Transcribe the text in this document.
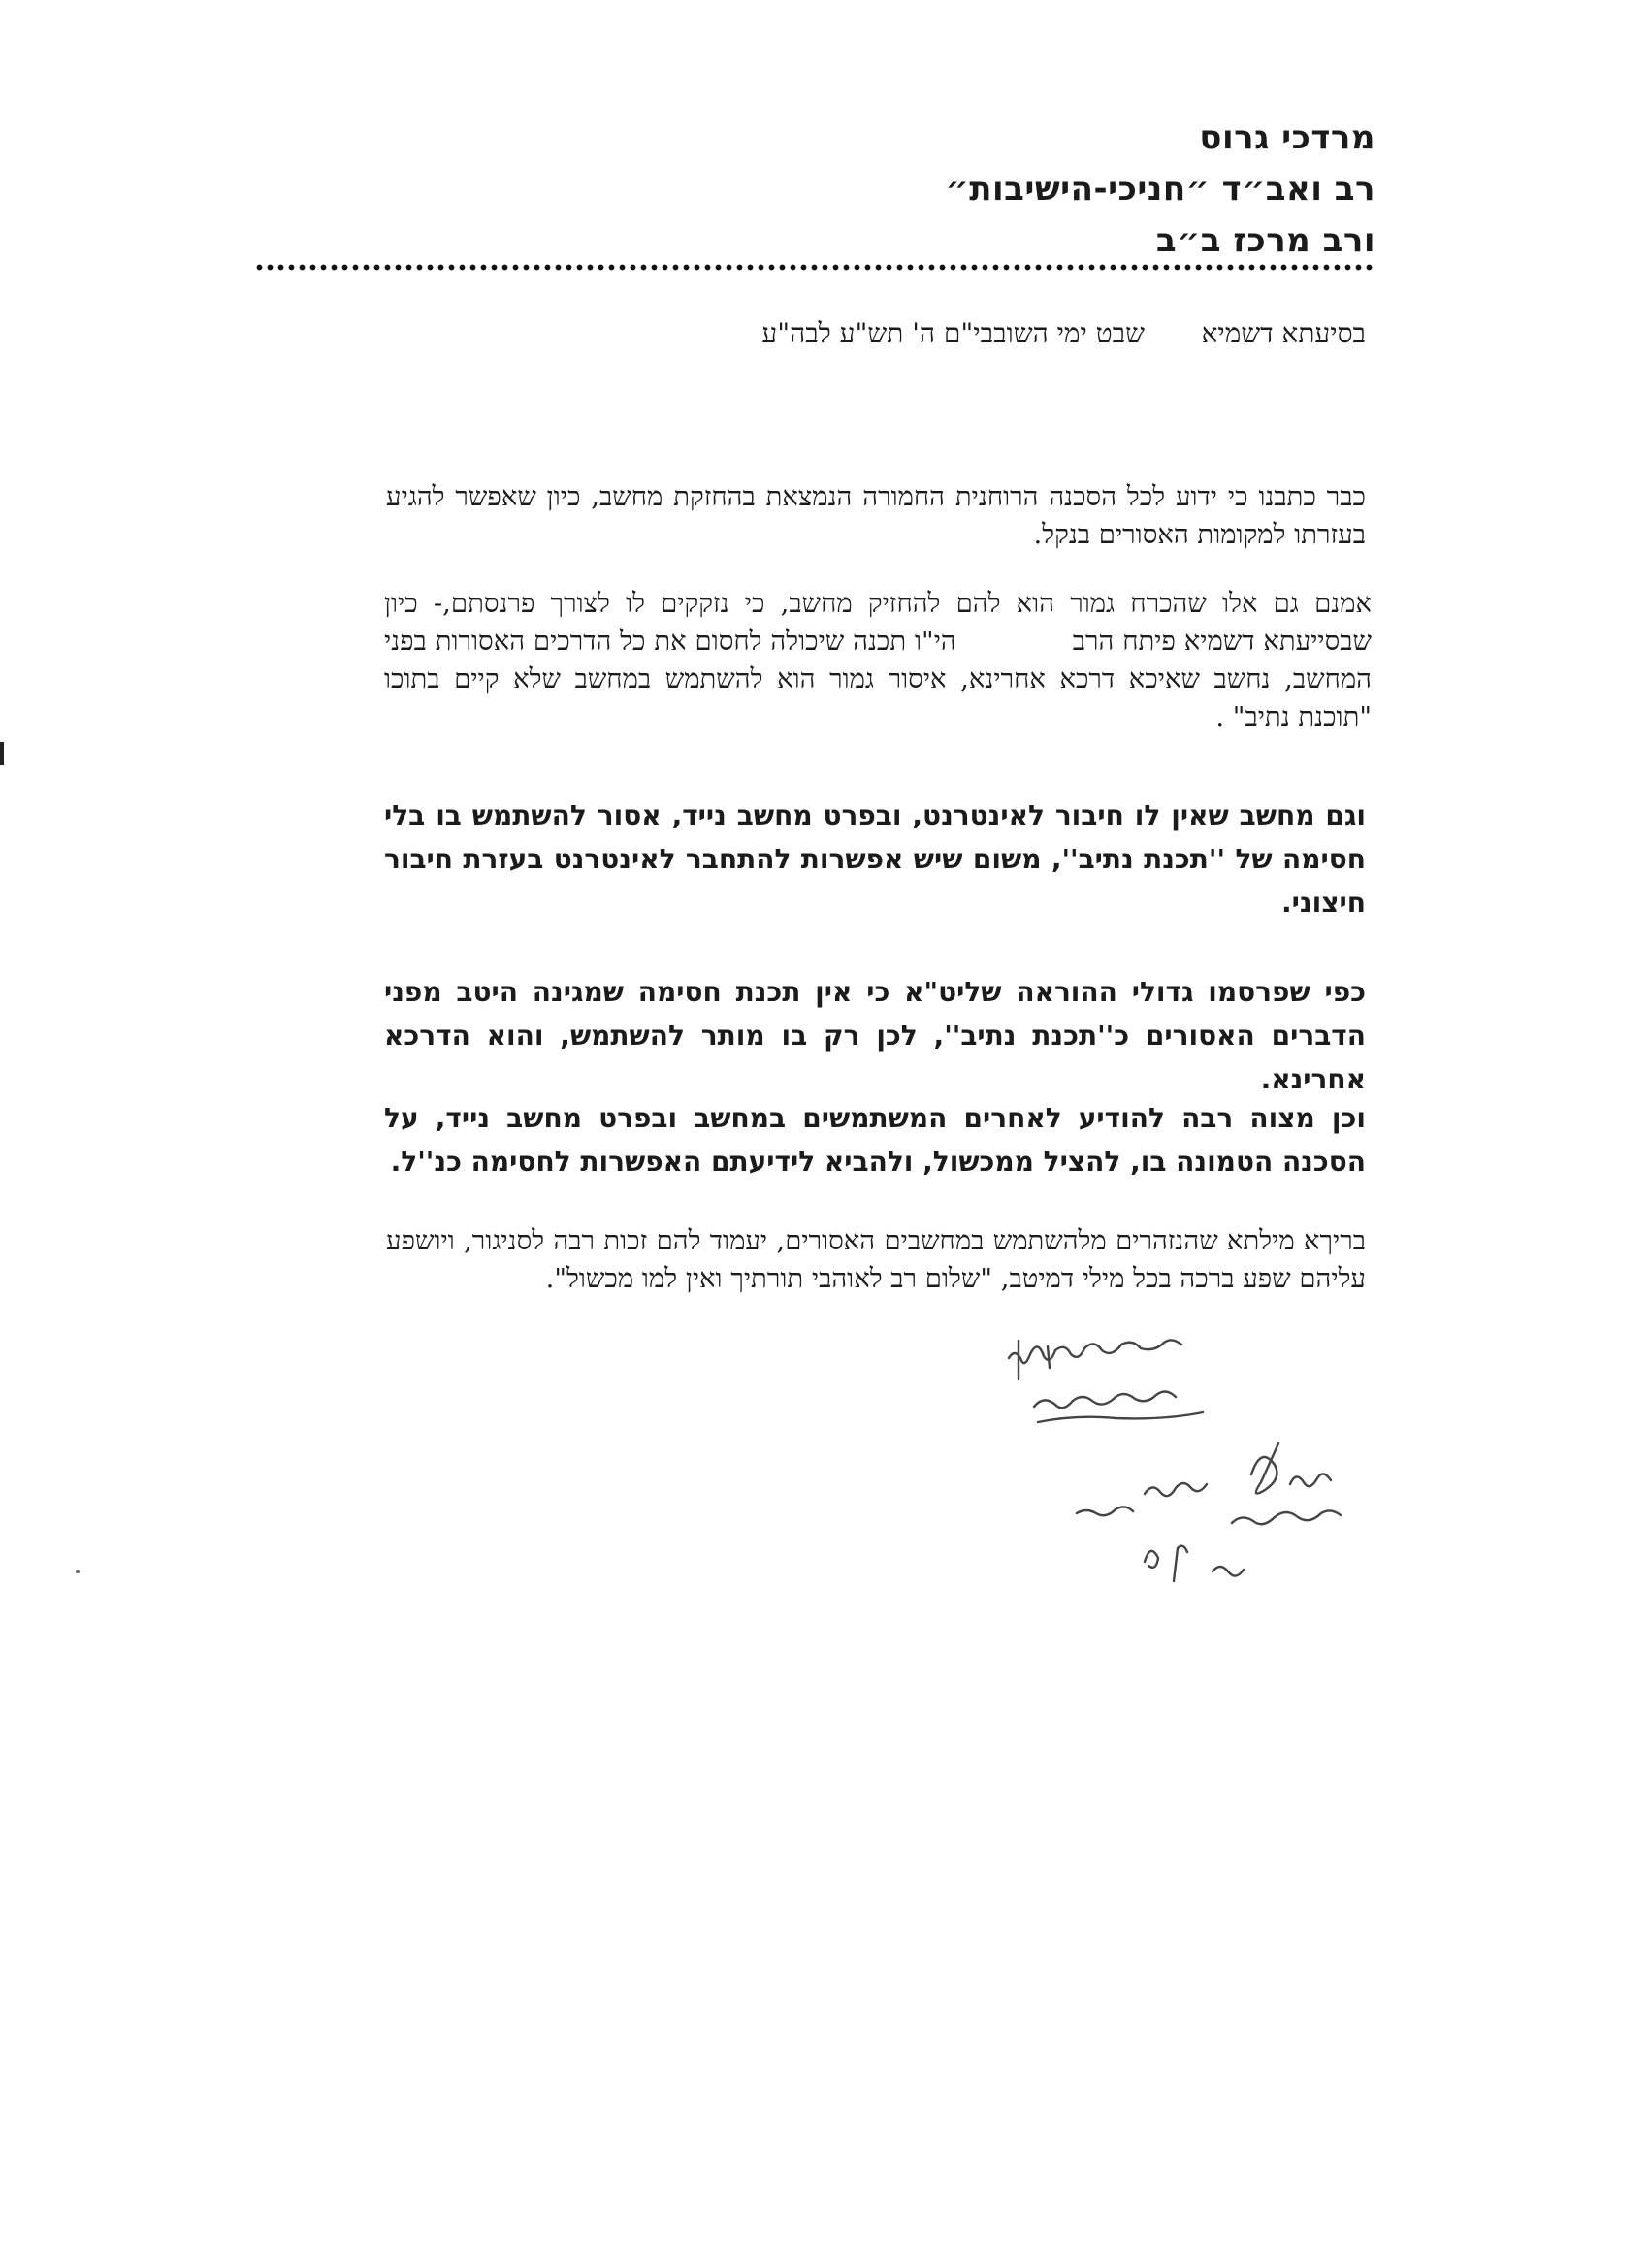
מרדכי גרוס
רב ואב״ד ״חניכי-הישיבות״
ורב מרכז ב״ב
בסיעתא דשמיא
שבט ימי השובבי"ם ה' תש"ע לבה"ע
כבר כתבנו כי ידוע לכל הסכנה הרוחנית החמורה הנמצאת בהחזקת מחשב, כיון שאפשר להגיע בעזרתו למקומות האסורים בנקל.
אמנם גם אלו שהכרח גמור הוא להם להחזיק מחשב, כי נזקקים לו לצורך פרנסתם,- כיון שבסייעתא דשמיא פיתח הרבהי"ו תכנה שיכולה לחסום את כל הדרכים האסורות בפני המחשב, נחשב שאיכא דרכא אחרינא, איסור גמור הוא להשתמש במחשב שלא קיים בתוכו "תוכנת נתיב" .
וגם מחשב שאין לו חיבור לאינטרנט, ובפרט מחשב נייד, אסור להשתמש בו בלי חסימה של ''תכנת נתיב'', משום שיש אפשרות להתחבר לאינטרנט בעזרת חיבור חיצוני.
כפי שפרסמו גדולי ההוראה שליט"א כי אין תכנת חסימה שמגינה היטב מפני הדברים האסורים כ''תכנת נתיב'', לכן רק בו מותר להשתמש, והוא הדרכא אחרינא.
וכן מצוה רבה להודיע לאחרים המשתמשים במחשב ובפרט מחשב נייד, על הסכנה הטמונה בו, להציל ממכשול, ולהביא לידיעתם האפשרות לחסימה כנ''ל.
בריךא מילתא שהנזהרים מלהשתמש במחשבים האסורים, יעמוד להם זכות רבה לסניגור, ויושפע עליהם שפע ברכה בכל מילי דמיטב, "שלום רב לאוהבי תורתיך ואין למו מכשול".
